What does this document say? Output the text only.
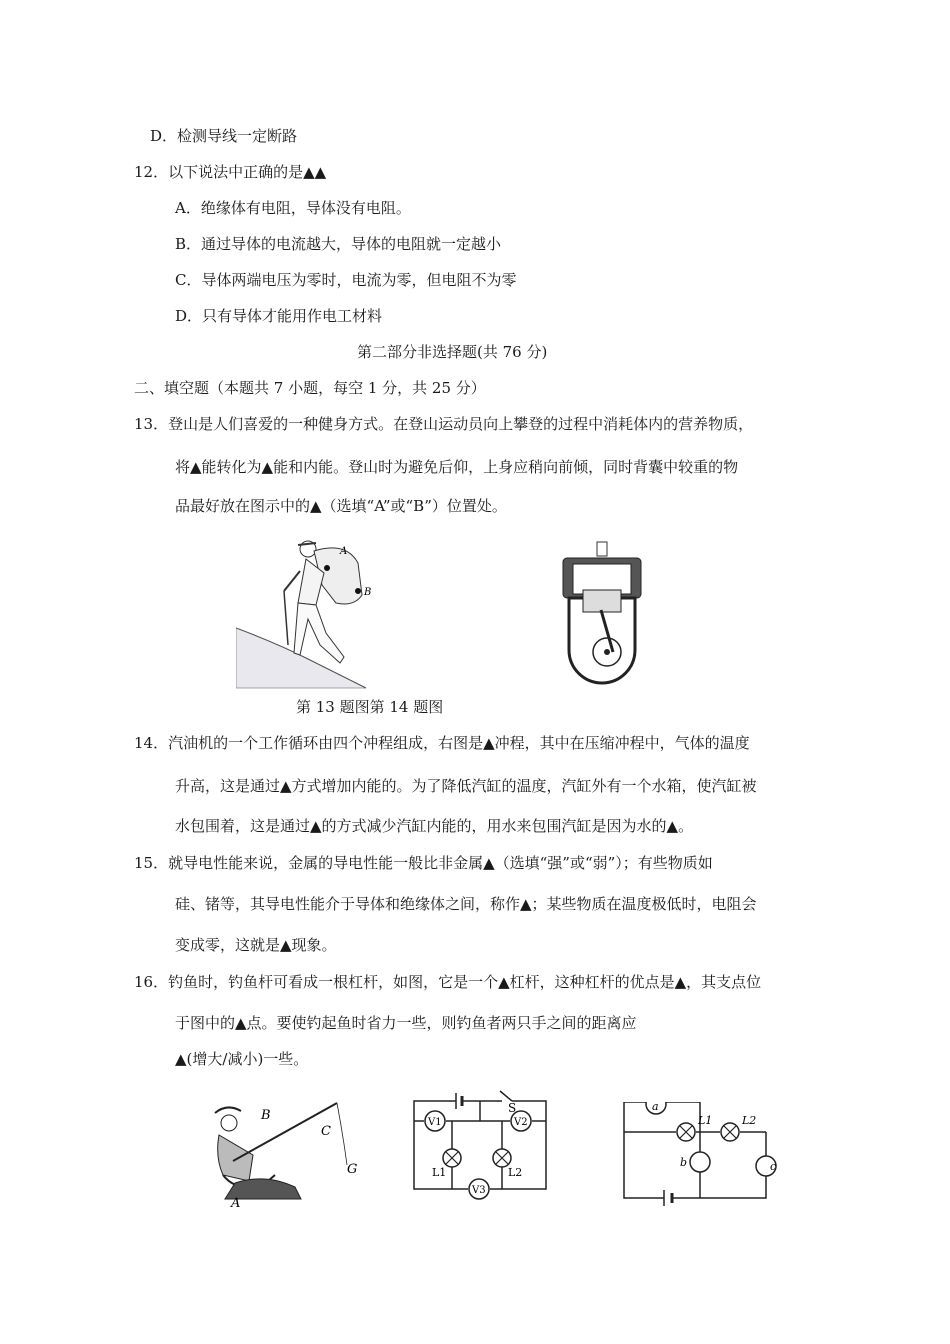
D．检测导线一定断路
12．以下说法中正确的是▲▲
A．绝缘体有电阻，导体没有电阻。
B．通过导体的电流越大，导体的电阻就一定越小
C．导体两端电压为零时，电流为零，但电阻不为零
D．只有导体才能用作电工材料
第二部分非选择题(共 76 分)
二、填空题（本题共 7 小题，每空 1 分，共 25 分）
13．登山是人们喜爱的一种健身方式。在登山运动员向上攀登的过程中消耗体内的营养物质，
将▲能转化为▲能和内能。登山时为避免后仰，上身应稍向前倾，同时背囊中较重的物
品最好放在图示中的▲（选填“A”或“B”）位置处。
A
B
第 13 题图第 14 题图
14．汽油机的一个工作循环由四个冲程组成，右图是▲冲程，其中在压缩冲程中，气体的温度
升高，这是通过▲方式增加内能的。为了降低汽缸的温度，汽缸外有一个水箱，使汽缸被
水包围着，这是通过▲的方式减少汽缸内能的，用水来包围汽缸是因为水的▲。
15．就导电性能来说，金属的导电性能一般比非金属▲（选填“强”或“弱”）；有些物质如
硅、锗等，其导电性能介于导体和绝缘体之间，称作▲；某些物质在温度极低时，电阻会
变成零，这就是▲现象。
16．钓鱼时，钓鱼杆可看成一根杠杆，如图，它是一个▲杠杆，这种杠杆的优点是▲，其支点位
于图中的▲点。要使钓起鱼时省力一些，则钓鱼者两只手之间的距离应
▲(增大/减小)一些。
B
C
G
A
V1	V2
V3
S
L1	L2
a
b	c
L1	L2
